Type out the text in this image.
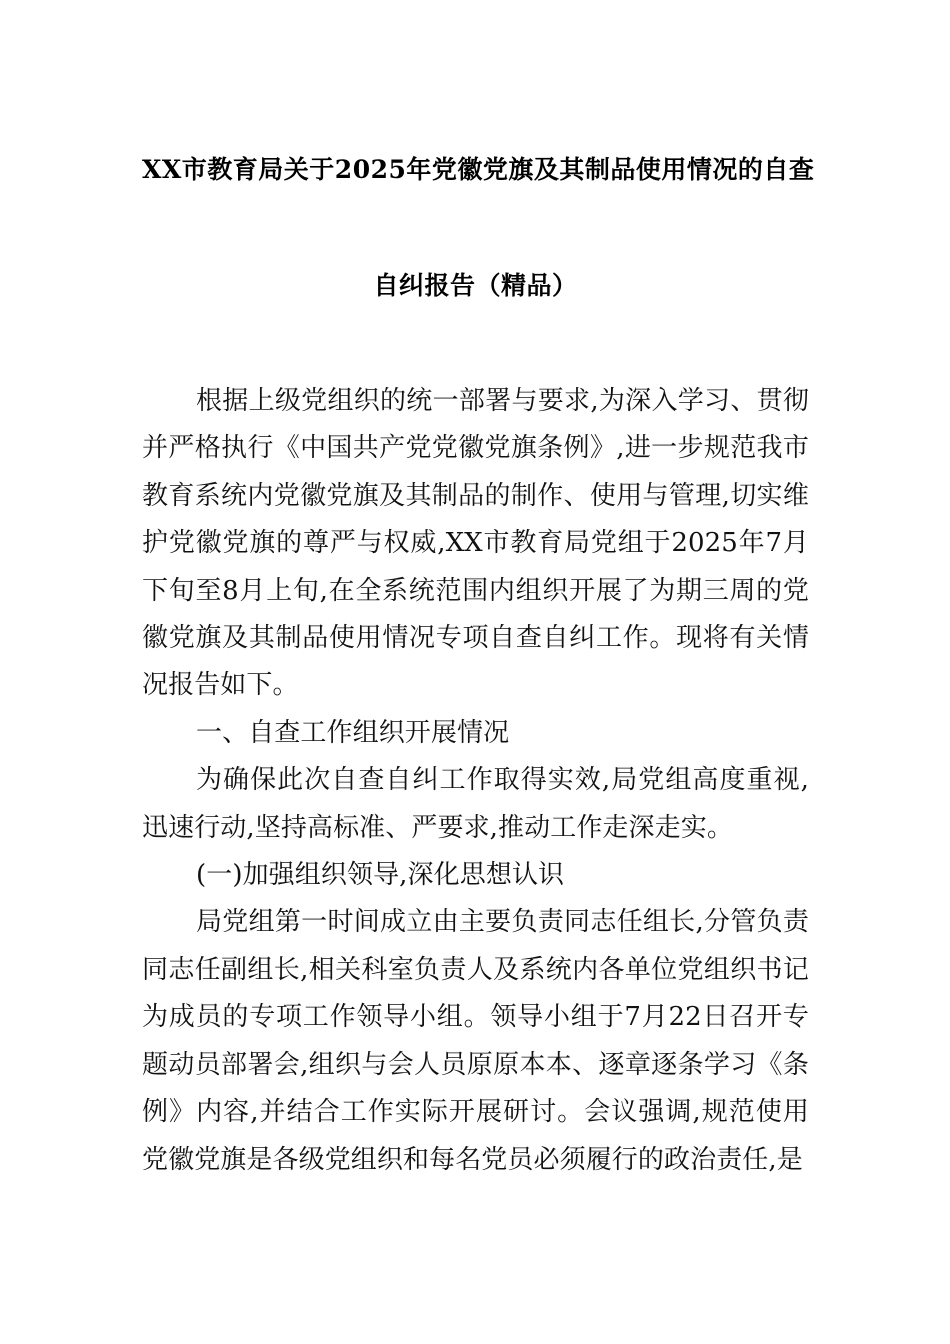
XX市教育局关于2025年党徽党旗及其制品使用情况的自查
自纠报告（精品）

根据上级党组织的统一部署与要求,为深入学习、贯彻并严格执行《中国共产党党徽党旗条例》,进一步规范我市教育系统内党徽党旗及其制品的制作、使用与管理,切实维护党徽党旗的尊严与权威,XX市教育局党组于2025年7月下旬至8月上旬,在全系统范围内组织开展了为期三周的党徽党旗及其制品使用情况专项自查自纠工作。现将有关情况报告如下。

一、自查工作组织开展情况

为确保此次自查自纠工作取得实效,局党组高度重视,迅速行动,坚持高标准、严要求,推动工作走深走实。

(一)加强组织领导,深化思想认识

局党组第一时间成立由主要负责同志任组长,分管负责同志任副组长,相关科室负责人及系统内各单位党组织书记为成员的专项工作领导小组。领导小组于7月22日召开专题动员部署会,组织与会人员原原本本、逐章逐条学习《条例》内容,并结合工作实际开展研讨。会议强调,规范使用党徽党旗是各级党组织和每名党员必须履行的政治责任,是
